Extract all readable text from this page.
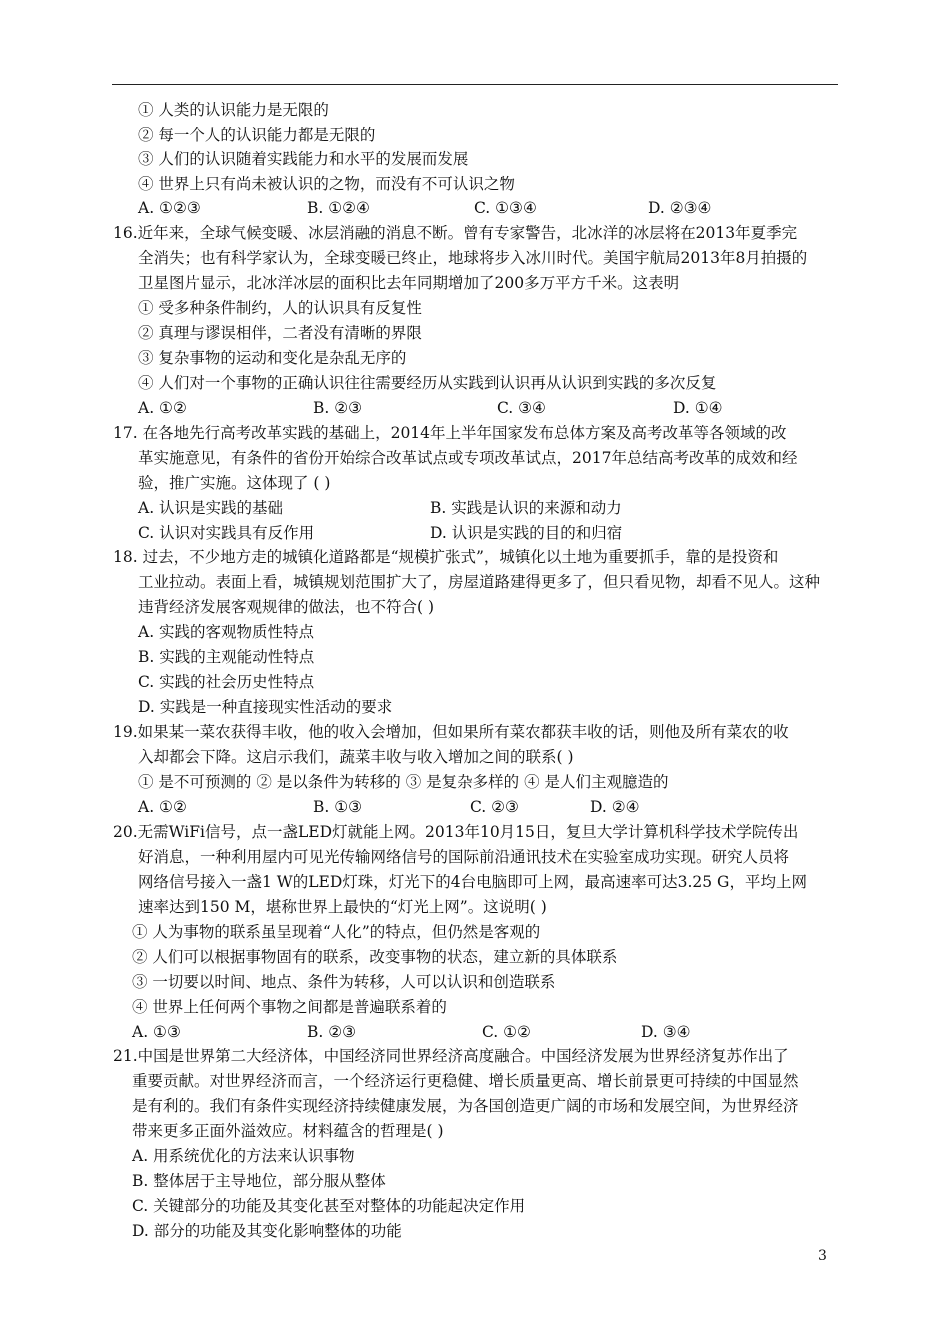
① 人类的认识能力是无限的
② 每一个人的认识能力都是无限的
③ 人们的认识随着实践能力和水平的发展而发展
④ 世界上只有尚未被认识的之物，而没有不可认识之物
A. ①②③	B. ①②④	C. ①③④	D. ②③④
16.近年来，全球气候变暖、冰层消融的消息不断。曾有专家警告，北冰洋的冰层将在2013年夏季完
全消失；也有科学家认为，全球变暖已终止，地球将步入冰川时代。美国宇航局2013年8月拍摄的
卫星图片显示，北冰洋冰层的面积比去年同期增加了200多万平方千米。这表明
① 受多种条件制约，人的认识具有反复性
② 真理与谬误相伴，二者没有清晰的界限
③ 复杂事物的运动和变化是杂乱无序的
④ 人们对一个事物的正确认识往往需要经历从实践到认识再从认识到实践的多次反复
A. ①②	B. ②③	C. ③④	D. ①④
17. 在各地先行高考改革实践的基础上，2014年上半年国家发布总体方案及高考改革等各领域的改
革实施意见，有条件的省份开始综合改革试点或专项改革试点，2017年总结高考改革的成效和经
验，推广实施。这体现了 ( )
A. 认识是实践的基础	B. 实践是认识的来源和动力
C. 认识对实践具有反作用	D. 认识是实践的目的和归宿
18. 过去，不少地方走的城镇化道路都是“规模扩张式”，城镇化以土地为重要抓手，靠的是投资和
工业拉动。表面上看，城镇规划范围扩大了，房屋道路建得更多了，但只看见物，却看不见人。这种
违背经济发展客观规律的做法，也不符合( )
A. 实践的客观物质性特点
B. 实践的主观能动性特点
C. 实践的社会历史性特点
D. 实践是一种直接现实性活动的要求
19.如果某一菜农获得丰收，他的收入会增加，但如果所有菜农都获丰收的话，则他及所有菜农的收
入却都会下降。这启示我们，蔬菜丰收与收入增加之间的联系( )
① 是不可预测的 ② 是以条件为转移的 ③ 是复杂多样的 ④ 是人们主观臆造的
A. ①②	B. ①③	C. ②③	D. ②④
20.无需WiFi信号，点一盏LED灯就能上网。2013年10月15日，复旦大学计算机科学技术学院传出
好消息，一种利用屋内可见光传输网络信号的国际前沿通讯技术在实验室成功实现。研究人员将
网络信号接入一盏1 W的LED灯珠，灯光下的4台电脑即可上网，最高速率可达3.25 G，平均上网
速率达到150 M，堪称世界上最快的“灯光上网”。这说明( )
① 人为事物的联系虽呈现着“人化”的特点，但仍然是客观的
② 人们可以根据事物固有的联系，改变事物的状态，建立新的具体联系
③ 一切要以时间、地点、条件为转移，人可以认识和创造联系
④ 世界上任何两个事物之间都是普遍联系着的
A. ①③	B. ②③	C. ①②	D. ③④
21.中国是世界第二大经济体，中国经济同世界经济高度融合。中国经济发展为世界经济复苏作出了
重要贡献。对世界经济而言，一个经济运行更稳健、增长质量更高、增长前景更可持续的中国显然
是有利的。我们有条件实现经济持续健康发展，为各国创造更广阔的市场和发展空间，为世界经济
带来更多正面外溢效应。材料蕴含的哲理是( )
A. 用系统优化的方法来认识事物
B. 整体居于主导地位，部分服从整体
C. 关键部分的功能及其变化甚至对整体的功能起决定作用
D. 部分的功能及其变化影响整体的功能
3
